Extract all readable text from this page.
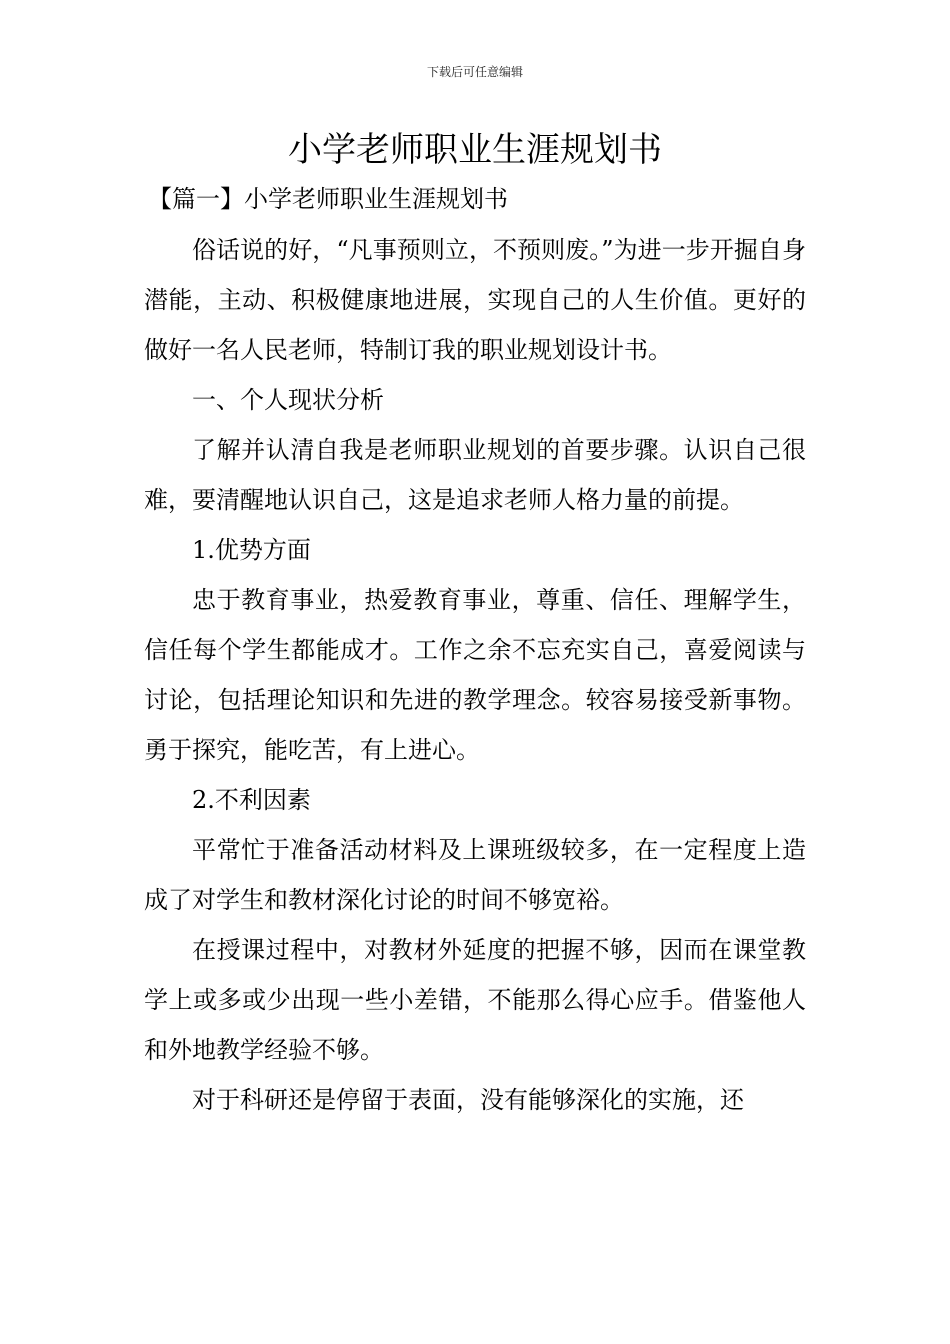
下载后可任意编辑
小学老师职业生涯规划书
【篇一】小学老师职业生涯规划书

俗话说的好，“凡事预则立，不预则废。”为进一步开掘自身潜能，主动、积极健康地进展，实现自己的人生价值。更好的做好一名人民老师，特制订我的职业规划设计书。

一、个人现状分析

了解并认清自我是老师职业规划的首要步骤。认识自己很难，要清醒地认识自己，这是追求老师人格力量的前提。

1.优势方面

忠于教育事业，热爱教育事业，尊重、信任、理解学生，信任每个学生都能成才。工作之余不忘充实自己，喜爱阅读与讨论，包括理论知识和先进的教学理念。较容易接受新事物。勇于探究，能吃苦，有上进心。

2.不利因素

平常忙于准备活动材料及上课班级较多，在一定程度上造成了对学生和教材深化讨论的时间不够宽裕。

在授课过程中，对教材外延度的把握不够，因而在课堂教学上或多或少出现一些小差错，不能那么得心应手。借鉴他人和外地教学经验不够。

对于科研还是停留于表面，没有能够深化的实施，还
